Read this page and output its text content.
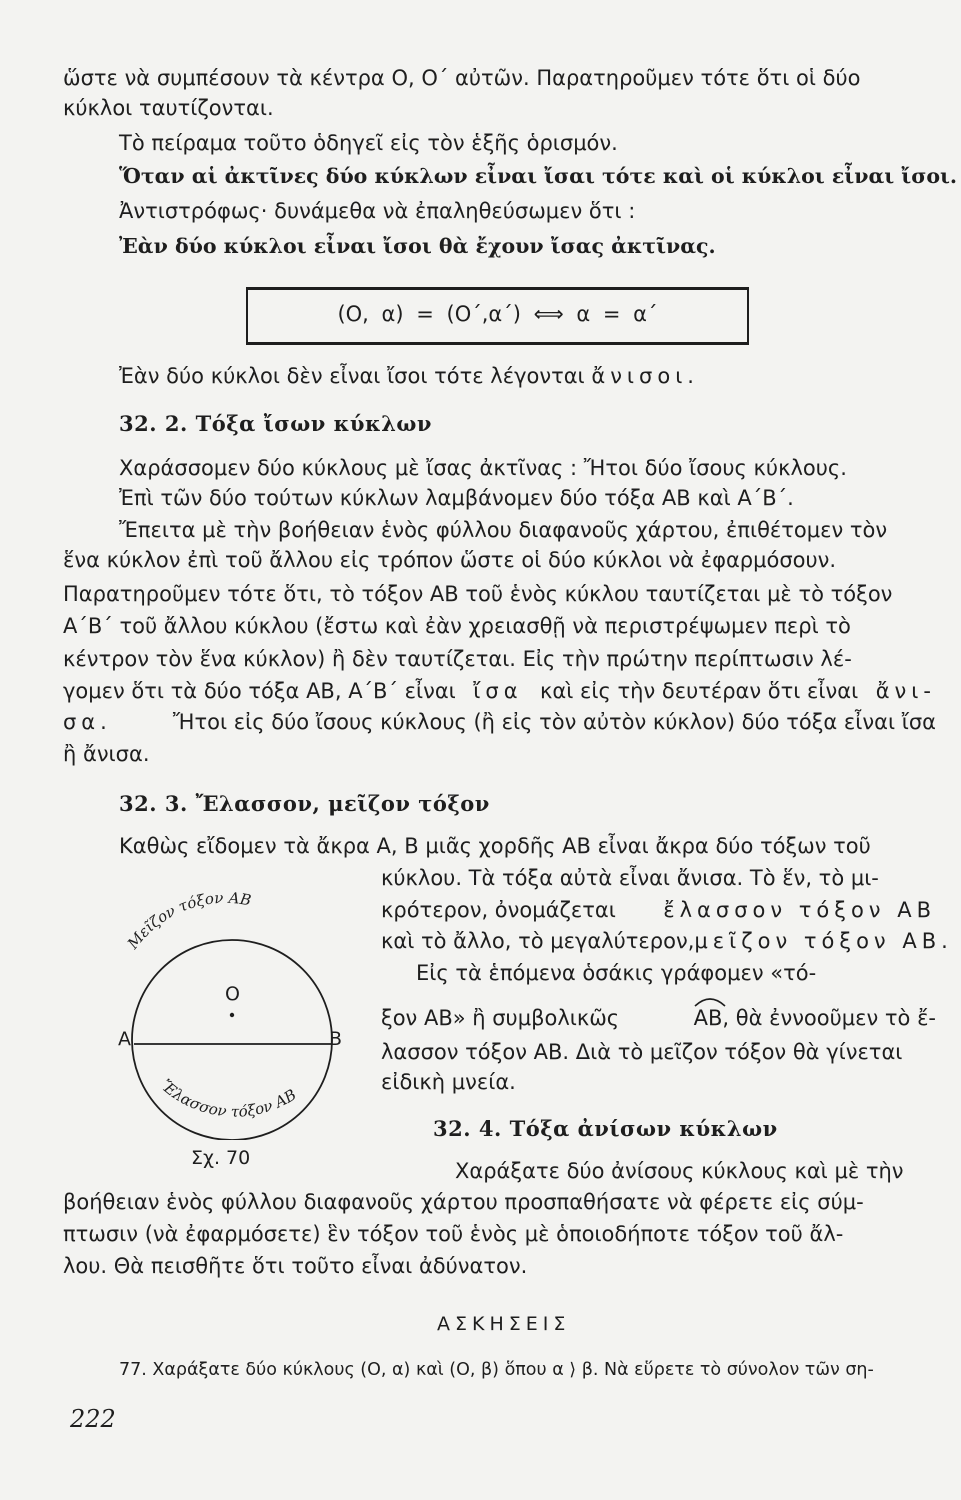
ὥστε νὰ συμπέσουν τὰ κέντρα Ο, Ο΄ αὐτῶν. Παρατηροῦμεν τότε ὅτι οἱ δύο
κύκλοι ταυτίζονται.
Τὸ πείραμα τοῦτο ὁδηγεῖ εἰς τὸν ἑξῆς ὁρισμόν.
Ὅταν αἱ ἀκτῖνες δύο κύκλων εἶναι ἴσαι τότε καὶ οἱ κύκλοι εἶναι ἴσοι.
Ἀντιστρόφως· δυνάμεθα νὰ ἐπαληθεύσωμεν ὅτι :
Ἐὰν δύο κύκλοι εἶναι ἴσοι θὰ ἔχουν ἴσας ἀκτῖνας.
(Ο, α) = (Ο΄,α΄) ⟺ α = α΄
Ἐὰν δύο κύκλοι δὲν εἶναι ἴσοι τότε λέγονται ἄνισοι.
32. 2. Τόξα ἴσων κύκλων
Χαράσσομεν δύο κύκλους μὲ ἴσας ἀκτῖνας : Ἤτοι δύο ἴσους κύκλους.
Ἐπὶ τῶν δύο τούτων κύκλων λαμβάνομεν δύο τόξα ΑΒ καὶ Α΄Β΄.
Ἔπειτα μὲ τὴν βοήθειαν ἑνὸς φύλλου διαφανοῦς χάρτου, ἐπιθέτομεν τὸν
ἕνα κύκλον ἐπὶ τοῦ ἄλλου εἰς τρόπον ὥστε οἱ δύο κύκλοι νὰ ἐφαρμόσουν.
Παρατηροῦμεν τότε ὅτι, τὸ τόξον ΑΒ τοῦ ἑνὸς κύκλου ταυτίζεται μὲ τὸ τόξον
Α΄Β΄ τοῦ ἄλλου κύκλου (ἔστω καὶ ἐὰν χρειασθῇ νὰ περιστρέψωμεν περὶ τὸ
κέντρον τὸν ἕνα κύκλον) ἢ δὲν ταυτίζεται. Εἰς τὴν πρώτην περίπτωσιν λέ-
γομεν ὅτι τὰ δύο τόξα ΑΒ, Α΄Β΄ εἶναι ἴσα καὶ εἰς τὴν δευτέραν ὅτι εἶναι ἄνι-
σα.	Ἤτοι εἰς δύο ἴσους κύκλους (ἢ εἰς τὸν αὐτὸν κύκλον) δύο τόξα εἶναι ἴσα
ἢ ἄνισα.
32. 3. Ἔλασσον, μεῖζον τόξον
Καθὼς εἴδομεν τὰ ἄκρα Α, Β μιᾶς χορδῆς ΑΒ εἶναι ἄκρα δύο τόξων τοῦ
κύκλου. Τὰ τόξα αὐτὰ εἶναι ἄνισα. Τὸ ἕν, τὸ μι-
κρότερον, ὀνομάζεται ἔλασσον τόξον ΑΒ
καὶ τὸ ἄλλο, τὸ μεγαλύτερον, μεῖζον τόξον ΑΒ.
Εἰς τὰ ἑπόμενα ὁσάκις γράφομεν «τό-
ξον ΑΒ» ἢ συμβολικῶς	ΑΒ, θὰ ἐννοοῦμεν τὸ ἔ-
λασσον τόξον ΑΒ. Διὰ τὸ μεῖζον τόξον θὰ γίνεται
εἰδικὴ μνεία.
Μεῖζον τόξον ΑΒ
Ἔλασσον τόξον ΑΒ
Ο
Α	Β
Σχ. 70
32. 4. Τόξα ἀνίσων κύκλων
Χαράξατε δύο ἀνίσους κύκλους καὶ μὲ τὴν
βοήθειαν ἑνὸς φύλλου διαφανοῦς χάρτου προσπαθήσατε νὰ φέρετε εἰς σύμ-
πτωσιν (νὰ ἐφαρμόσετε) ἓν τόξον τοῦ ἑνὸς μὲ ὁποιοδήποτε τόξον τοῦ ἄλ-
λου. Θὰ πεισθῆτε ὅτι τοῦτο εἶναι ἀδύνατον.
ΑΣΚΗΣΕΙΣ
77. Χαράξατε δύο κύκλους (Ο, α) καὶ (Ο, β) ὅπου α ⟩ β. Νὰ εὕρετε τὸ σύνολον τῶν ση-
222
